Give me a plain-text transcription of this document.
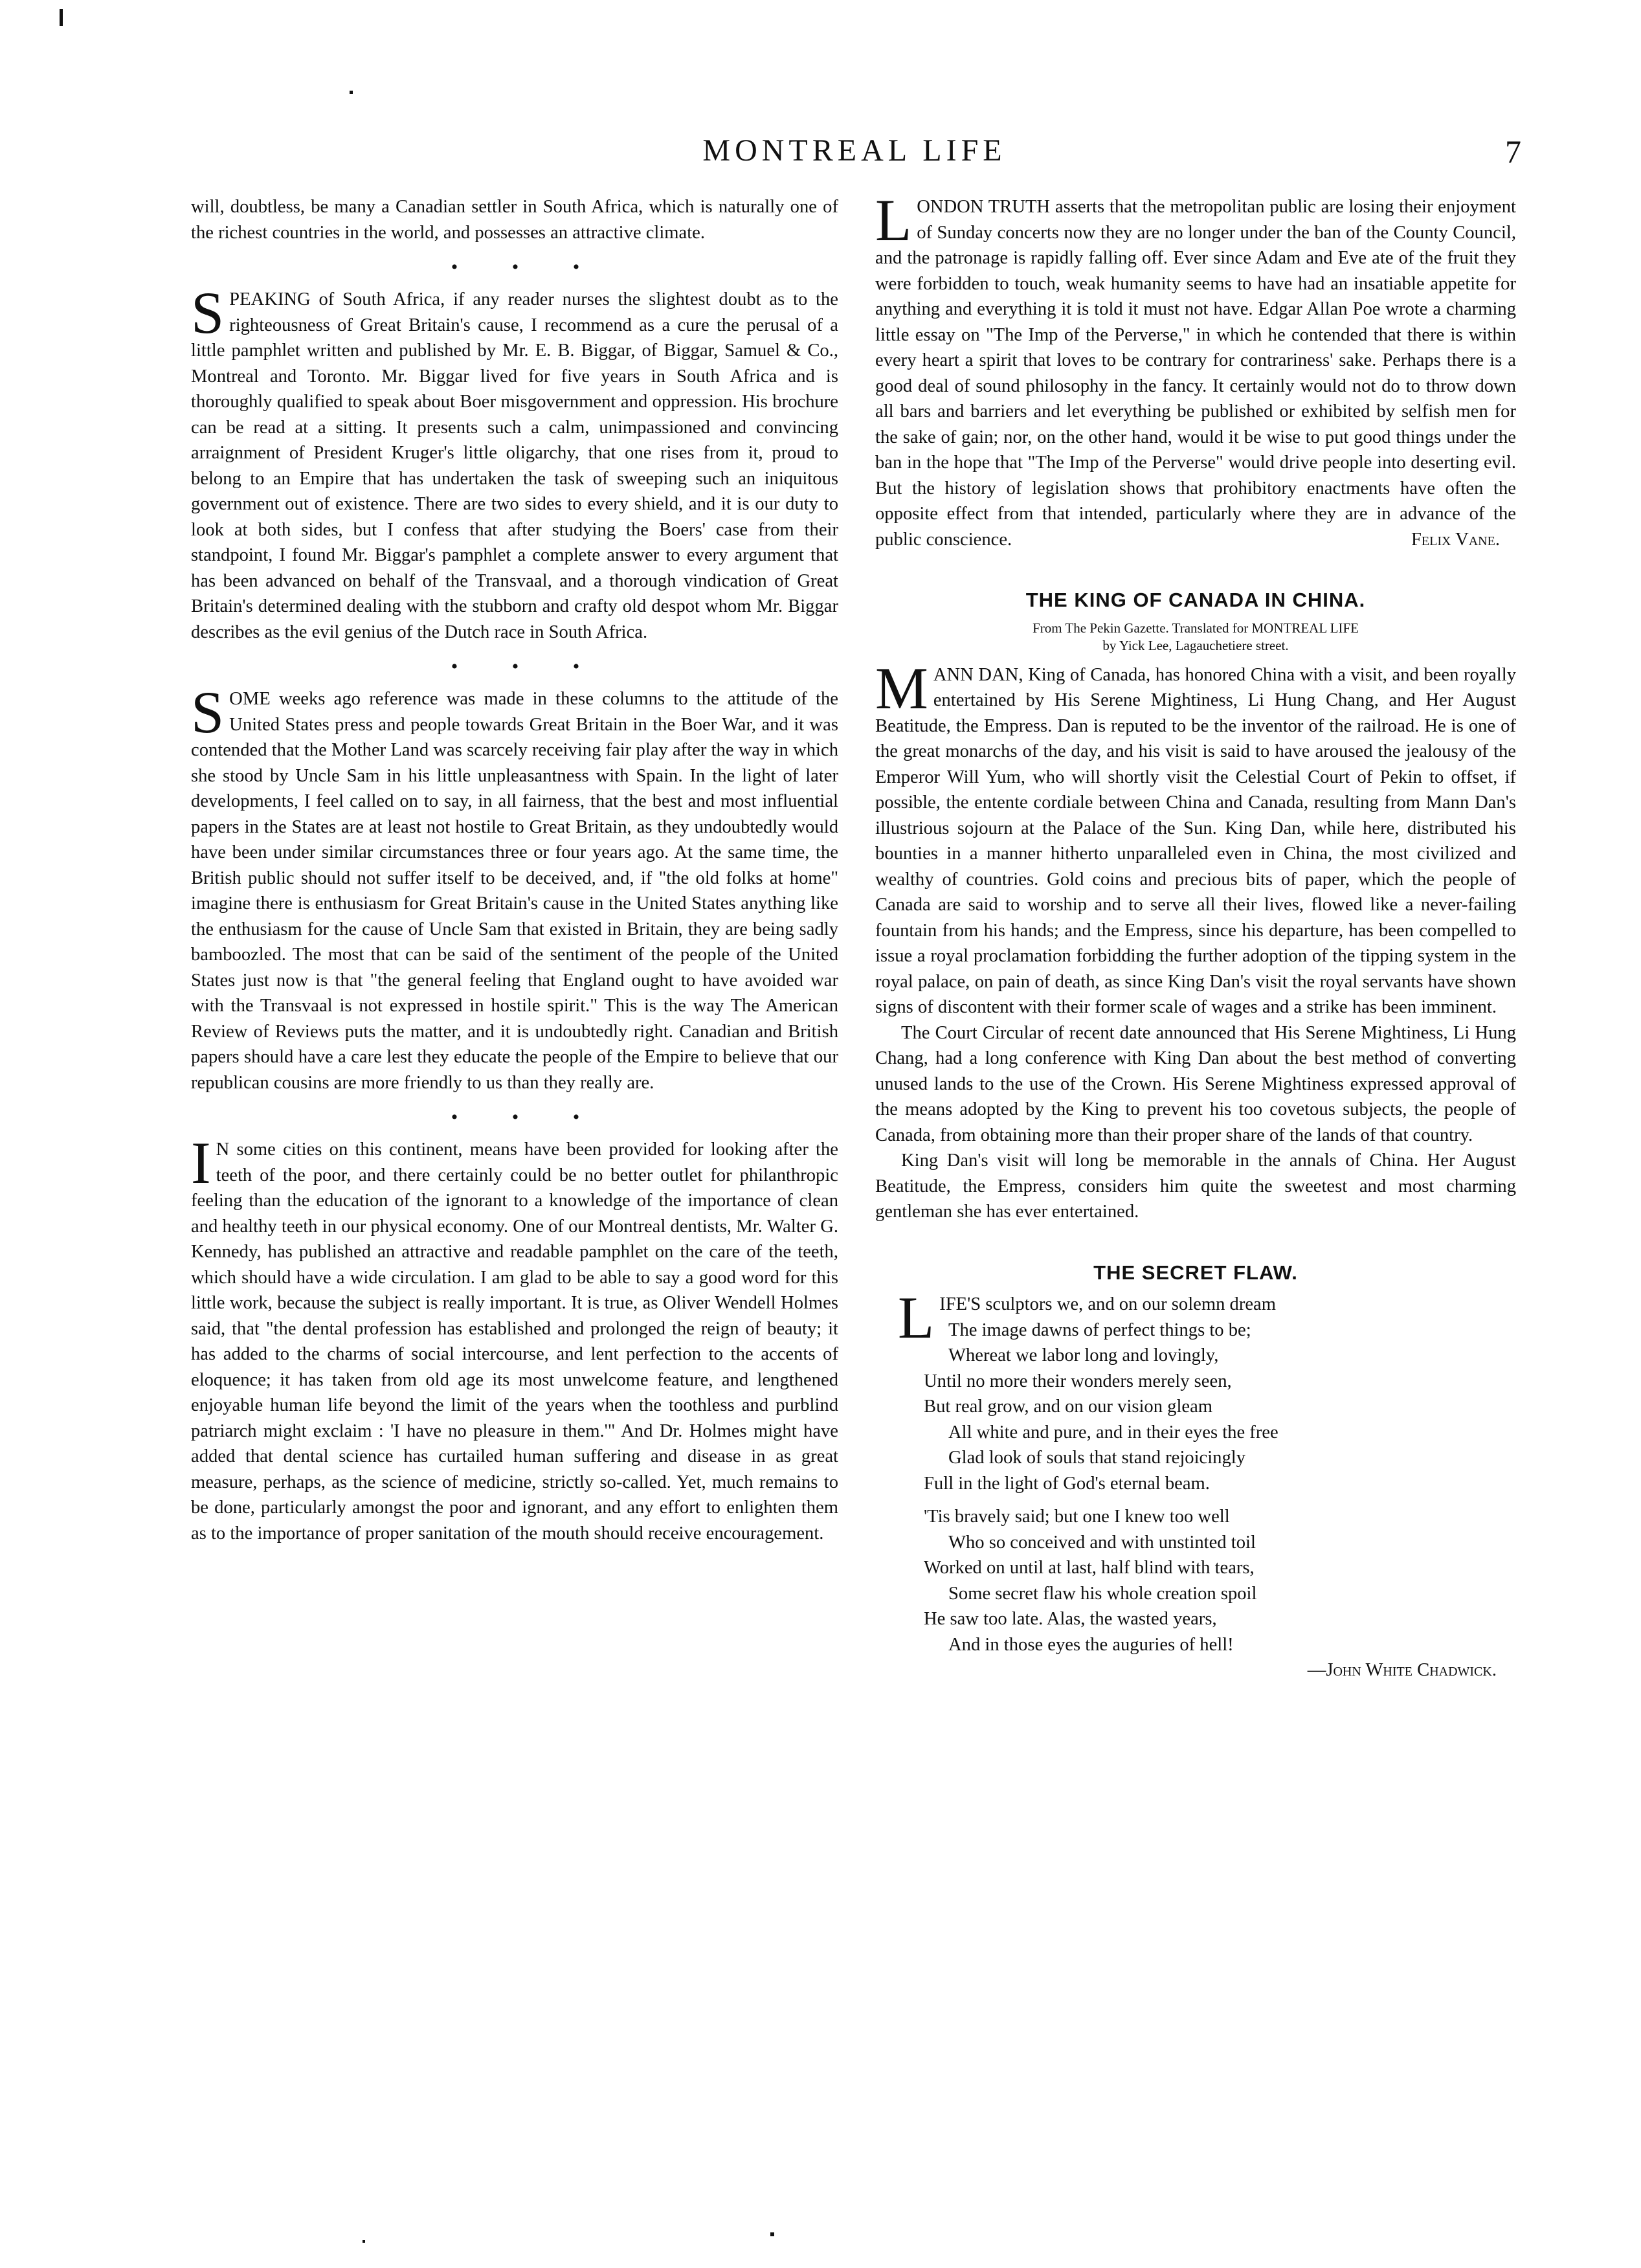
MONTREAL LIFE	7

will, doubtless, be many a Canadian settler in South Africa, which is naturally one of the richest countries in the world, and possesses an attractive climate.

• • •

SPEAKING of South Africa, if any reader nurses the slightest doubt as to the righteousness of Great Britain's cause, I recommend as a cure the perusal of a little pamphlet written and published by Mr. E. B. Biggar, of Biggar, Samuel & Co., Montreal and Toronto. Mr. Biggar lived for five years in South Africa and is thoroughly qualified to speak about Boer misgovernment and oppression. His brochure can be read at a sitting. It presents such a calm, unimpassioned and convincing arraignment of President Kruger's little oligarchy, that one rises from it, proud to belong to an Empire that has undertaken the task of sweeping such an iniquitous government out of existence. There are two sides to every shield, and it is our duty to look at both sides, but I confess that after studying the Boers' case from their standpoint, I found Mr. Biggar's pamphlet a complete answer to every argument that has been advanced on behalf of the Transvaal, and a thorough vindication of Great Britain's determined dealing with the stubborn and crafty old despot whom Mr. Biggar describes as the evil genius of the Dutch race in South Africa.

• • •

SOME weeks ago reference was made in these columns to the attitude of the United States press and people towards Great Britain in the Boer War, and it was contended that the Mother Land was scarcely receiving fair play after the way in which she stood by Uncle Sam in his little unpleasantness with Spain. In the light of later developments, I feel called on to say, in all fairness, that the best and most influential papers in the States are at least not hostile to Great Britain, as they undoubtedly would have been under similar circumstances three or four years ago. At the same time, the British public should not suffer itself to be deceived, and, if "the old folks at home" imagine there is enthusiasm for Great Britain's cause in the United States anything like the enthusiasm for the cause of Uncle Sam that existed in Britain, they are being sadly bamboozled. The most that can be said of the sentiment of the people of the United States just now is that "the general feeling that England ought to have avoided war with the Transvaal is not expressed in hostile spirit." This is the way The American Review of Reviews puts the matter, and it is undoubtedly right. Canadian and British papers should have a care lest they educate the people of the Empire to believe that our republican cousins are more friendly to us than they really are.

• • •

I N some cities on this continent, means have been provided for looking after the teeth of the poor, and there certainly could be no better outlet for philanthropic feeling than the education of the ignorant to a knowledge of the importance of clean and healthy teeth in our physical economy. One of our Montreal dentists, Mr. Walter G. Kennedy, has published an attractive and readable pamphlet on the care of the teeth, which should have a wide circulation. I am glad to be able to say a good word for this little work, because the subject is really important. It is true, as Oliver Wendell Holmes said, that "the dental profession has established and prolonged the reign of beauty; it has added to the charms of social intercourse, and lent perfection to the accents of eloquence; it has taken from old age its most unwelcome feature, and lengthened enjoyable human life beyond the limit of the years when the toothless and purblind patriarch might exclaim : 'I have no pleasure in them.'" And Dr. Holmes might have added that dental science has curtailed human suffering and disease in as great measure, perhaps, as the science of medicine, strictly so-called. Yet, much remains to be done, particularly amongst the poor and ignorant, and any effort to enlighten them as to the importance of proper sanitation of the mouth should receive encouragement.

LONDON TRUTH asserts that the metropolitan public are losing their enjoyment of Sunday concerts now they are no longer under the ban of the County Council, and the patronage is rapidly falling off. Ever since Adam and Eve ate of the fruit they were forbidden to touch, weak humanity seems to have had an insatiable appetite for anything and everything it is told it must not have. Edgar Allan Poe wrote a charming little essay on "The Imp of the Perverse," in which he contended that there is within every heart a spirit that loves to be contrary for contrariness' sake. Perhaps there is a good deal of sound philosophy in the fancy. It certainly would not do to throw down all bars and barriers and let everything be published or exhibited by selfish men for the sake of gain; nor, on the other hand, would it be wise to put good things under the ban in the hope that "The Imp of the Perverse" would drive people into deserting evil. But the history of legislation shows that prohibitory enactments have often the opposite effect from that intended, particularly where they are in advance of the public conscience.	Felix Vane.

THE KING OF CANADA IN CHINA.
From The Pekin Gazette. Translated for MONTREAL LIFE
by Yick Lee, Lagauchetiere street.

MANN DAN, King of Canada, has honored China with a visit, and been royally entertained by His Serene Mightiness, Li Hung Chang, and Her August Beatitude, the Empress. Dan is reputed to be the inventor of the railroad. He is one of the great monarchs of the day, and his visit is said to have aroused the jealousy of the Emperor Will Yum, who will shortly visit the Celestial Court of Pekin to offset, if possible, the entente cordiale between China and Canada, resulting from Mann Dan's illustrious sojourn at the Palace of the Sun. King Dan, while here, distributed his bounties in a manner hitherto unparalleled even in China, the most civilized and wealthy of countries. Gold coins and precious bits of paper, which the people of Canada are said to worship and to serve all their lives, flowed like a never-failing fountain from his hands; and the Empress, since his departure, has been compelled to issue a royal proclamation forbidding the further adoption of the tipping system in the royal palace, on pain of death, as since King Dan's visit the royal servants have shown signs of discontent with their former scale of wages and a strike has been imminent.

The Court Circular of recent date announced that His Serene Mightiness, Li Hung Chang, had a long conference with King Dan about the best method of converting unused lands to the use of the Crown. His Serene Mightiness expressed approval of the means adopted by the King to prevent his too covetous subjects, the people of Canada, from obtaining more than their proper share of the lands of that country.

King Dan's visit will long be memorable in the annals of China. Her August Beatitude, the Empress, considers him quite the sweetest and most charming gentleman she has ever entertained.

THE SECRET FLAW.
L IFE'S sculptors we, and on our solemn dream
The image dawns of perfect things to be;
Whereat we labor long and lovingly,
Until no more their wonders merely seen,
But real grow, and on our vision gleam
All white and pure, and in their eyes the free
Glad look of souls that stand rejoicingly
Full in the light of God's eternal beam.
'Tis bravely said; but one I knew too well
Who so conceived and with unstinted toil
Worked on until at last, half blind with tears,
Some secret flaw his whole creation spoil
He saw too late. Alas, the wasted years,
And in those eyes the auguries of hell!
—John White Chadwick.
